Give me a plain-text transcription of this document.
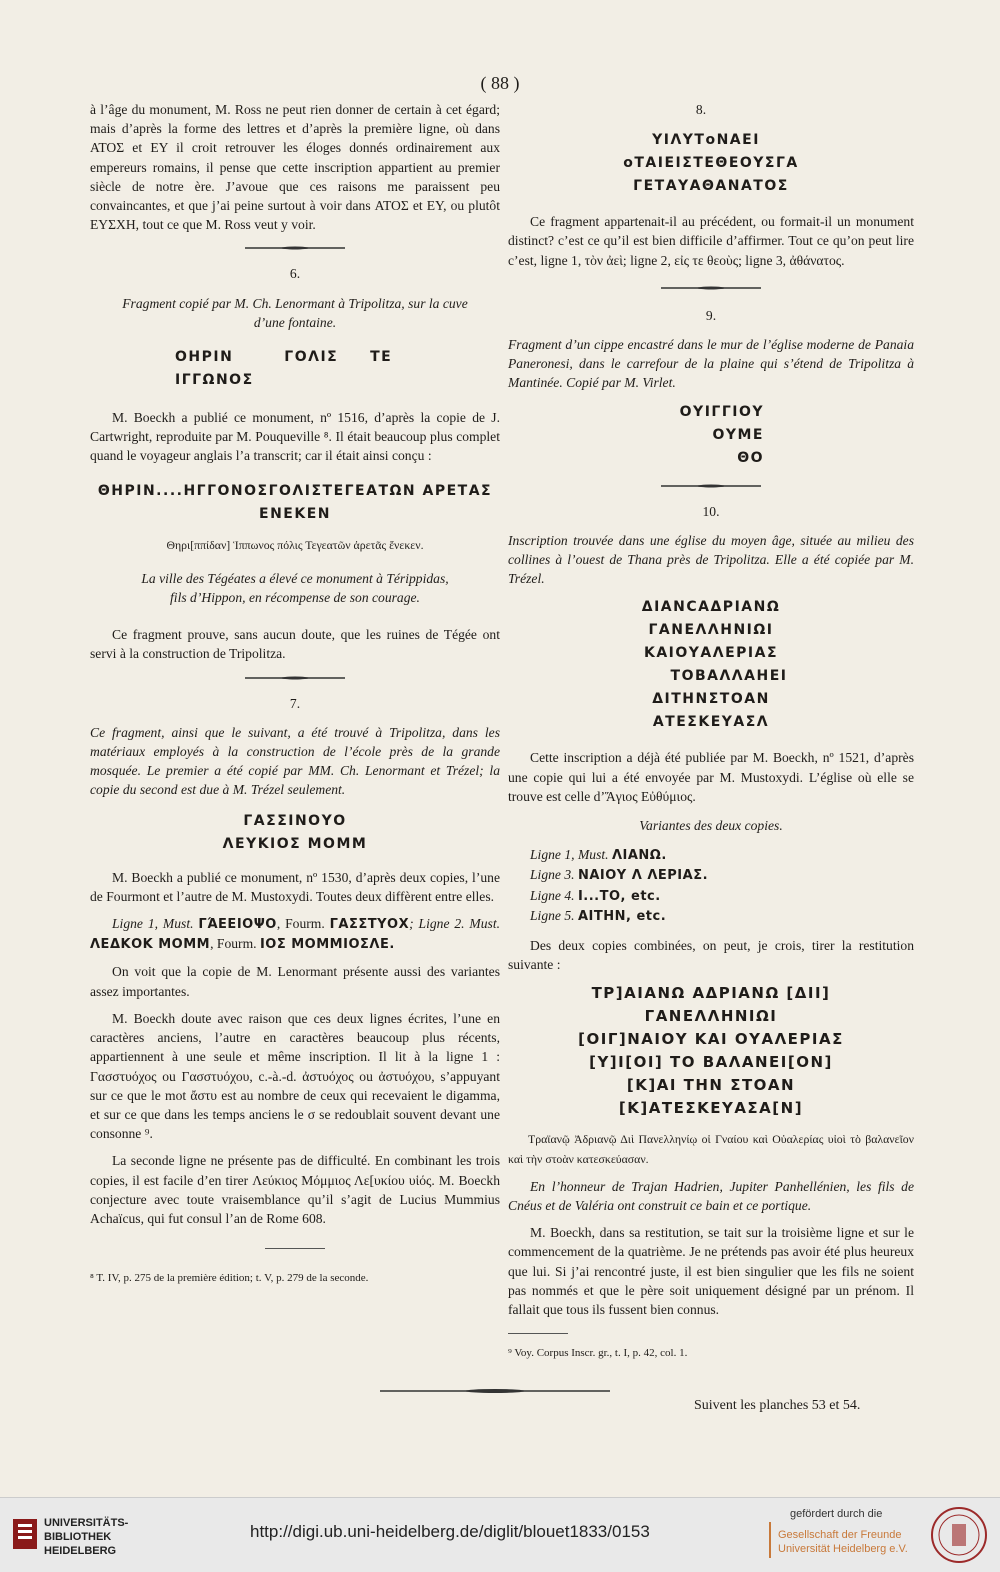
( 88 )

à l’âge du monument, M. Ross ne peut rien donner de certain à cet égard; mais d’après la forme des lettres et d’après la première ligne, où dans ΑΤΟΣ et ΕΥ il croit retrouver les éloges donnés ordinairement aux empereurs romains, il pense que cette inscription appartient au premier siècle de notre ère. J’avoue que ces raisons me paraissent peu convaincantes, et que j’ai peine surtout à voir dans ΑΤΟΣ et ΕΥ, ou plutôt ΕΥΣΧΗ, tout ce que M. Ross veut y voir.

6.
Fragment copié par M. Ch. Lenormant à Tripolitza, sur la cuve
d’une fontaine.
ΟΗΡΙΝ        ΓΟΛΙΣ     ΤΕ
ΙΓΓΩΝΟΣ

M. Boeckh a publié ce monument, nº 1516, d’après la copie de J. Cartwright, reproduite par M. Pouqueville ⁸. Il était beaucoup plus complet quand le voyageur anglais l’a transcrit; car il était ainsi conçu :

ΘΗΡΙΝ....ΗΓΓΟΝΟΣΓΟΛΙΣΤΕΓΕΑΤΩΝ ΑΡΕΤΑΣ
ΕΝΕΚΕΝ
Θηρι[ππίδαν] Ἱππωνος πόλις Τεγεατῶν ἀρετᾶς ἕνεκεν.
La ville des Tégéates a élevé ce monument à Térippidas,
fils d’Hippon, en récompense de son courage.

Ce fragment prouve, sans aucun doute, que les ruines de Tégée ont servi à la construction de Tripolitza.

7.

Ce fragment, ainsi que le suivant, a été trouvé à Tripolitza, dans les matériaux employés à la construction de l’école près de la grande mosquée. Le premier a été copié par MM. Ch. Lenormant et Trézel; la copie du second est due à M. Trézel seulement.

ΓΑΣΣΙΝΟΥΟ
ΛΕΥΚΙΟΣ ΜΟΜΜ

M. Boeckh a publié ce monument, nº 1530, d’après deux copies, l’une de Fourmont et l’autre de M. Mustoxydi. Toutes deux diffèrent entre elles.

Ligne 1, Must. ΓΆΕΕΙΟΨΟ, Fourm. ΓΑΣΣΤΥΟΧ; Ligne 2. Must. ΛΕΔΚΟΚ ΜΟΜΜ, Fourm. ΙΟΣ ΜΟΜΜΙΟΣΛΕ.

On voit que la copie de M. Lenormant présente aussi des variantes assez importantes.

M. Boeckh doute avec raison que ces deux lignes écrites, l’une en caractères anciens, l’autre en caractères beaucoup plus récents, appartiennent à une seule et même inscription. Il lit à la ligne 1 : Γασστυόχος ou Γασστυόχου, c.-à.-d. ἀστυόχος ou ἀστυόχου, s’appuyant sur ce que le mot ἄστυ est au nombre de ceux qui recevaient le digamma, et sur ce que dans les temps anciens le σ se redoublait souvent devant une consonne ⁹.

La seconde ligne ne présente pas de difficulté. En combinant les trois copies, il est facile d’en tirer Λεύκιος Μόμμιος Λε[υκίου υἱός. M. Boeckh conjecture avec toute vraisemblance qu’il s’agit de Lucius Mummius Achaïcus, qui fut consul l’an de Rome 608.

⁸ T. IV, p. 275 de la première édition; t. V, p. 279 de la seconde.
8.
ΥΙΛΥΤοΝΑΕΙ
οΤΑΙΕΙΣΤΕΘΕΟΥΣΓΑ
ΓΕΤΑΥΑΘΑΝΑΤΟΣ

Ce fragment appartenait-il au précédent, ou formait-il un monument distinct? c’est ce qu’il est bien difficile d’affirmer. Tout ce qu’on peut lire c’est, ligne 1, τὸν ἀεὶ; ligne 2, εἰς τε θεοὺς; ligne 3, ἀθάνατος.

9.

Fragment d’un cippe encastré dans le mur de l’église moderne de Panaia Paneronesi, dans le carrefour de la plaine qui s’étend de Tripolitza à Mantinée. Copié par M. Virlet.

ΟΥΙΓΓΙΟΥ
ΟΥΜΕ
ΘΟ
10.

Inscription trouvée dans une église du moyen âge, située au milieu des collines à l’ouest de Thana près de Tripolitza. Elle a été copiée par M. Trézel.

ΔΙΑΝCΑΔΡΙΑΝΩ
ΓΑΝΕΛΛΗΝΙΩΙ
ΚΑΙΟΥΑΛΕΡΙΑΣ
ΤΟΒΑΛΛΑΗΕΙ
ΔΙΤΗΝΣΤΟΑΝ
ΑΤΕΣΚΕΥΑΣΛ

Cette inscription a déjà été publiée par M. Boeckh, nº 1521, d’après une copie qui lui a été envoyée par M. Mustoxydi. L’église où elle se trouve est celle d’Ἅγιος Εὐθύμιος.

Variantes des deux copies.
Ligne 1, Must. ΛΙΑΝΩ.
Ligne 3. ΝΑΙΟΥ Λ ΛΕΡΙΑΣ.
Ligne 4. Ι...ΤΟ, etc.
Ligne 5. ΑΙΤΗΝ, etc.

Des deux copies combinées, on peut, je crois, tirer la restitution suivante :

ΤΡ]ΑΙΑΝΩ ΑΔΡΙΑΝΩ [ΔΙΙ]
ΓΑΝΕΛΛΗΝΙΩΙ
[ΟΙΓ]ΝΑΙΟΥ ΚΑΙ ΟΥΑΛΕΡΙΑΣ
[Υ]Ι[ΟΙ] ΤΟ ΒΑΛΑΝΕΙ[ΟΝ]
[Κ]ΑΙ ΤΗΝ ΣΤΟΑΝ
[Κ]ΑΤΕΣΚΕΥΑΣΑ[Ν]

Τραϊανῷ Ἀδριανῷ Διὶ Πανελληνίῳ οἱ Γναίου καὶ Οὐαλερίας υἱοὶ τὸ βαλανεῖον καὶ τὴν στοὰν κατεσκεύασαν.

En l’honneur de Trajan Hadrien, Jupiter Panhellénien, les fils de Cnéus et de Valéria ont construit ce bain et ce portique.

M. Boeckh, dans sa restitution, se tait sur la troisième ligne et sur le commencement de la quatrième. Je ne prétends pas avoir été plus heureux que lui. Si j’ai rencontré juste, il est bien singulier que les fils ne soient pas nommés et que le père soit uniquement désigné par un prénom. Il fallait que tous ils fussent bien connus.

⁹ Voy. Corpus Inscr. gr., t. I, p. 42, col. 1.
Suivent les planches 53 et 54.
UNIVERSITÄTS-
BIBLIOTHEK
HEIDELBERG
http://digi.ub.uni-heidelberg.de/diglit/blouet1833/0153
gefördert durch die
Gesellschaft der Freunde
Universität Heidelberg e.V.
